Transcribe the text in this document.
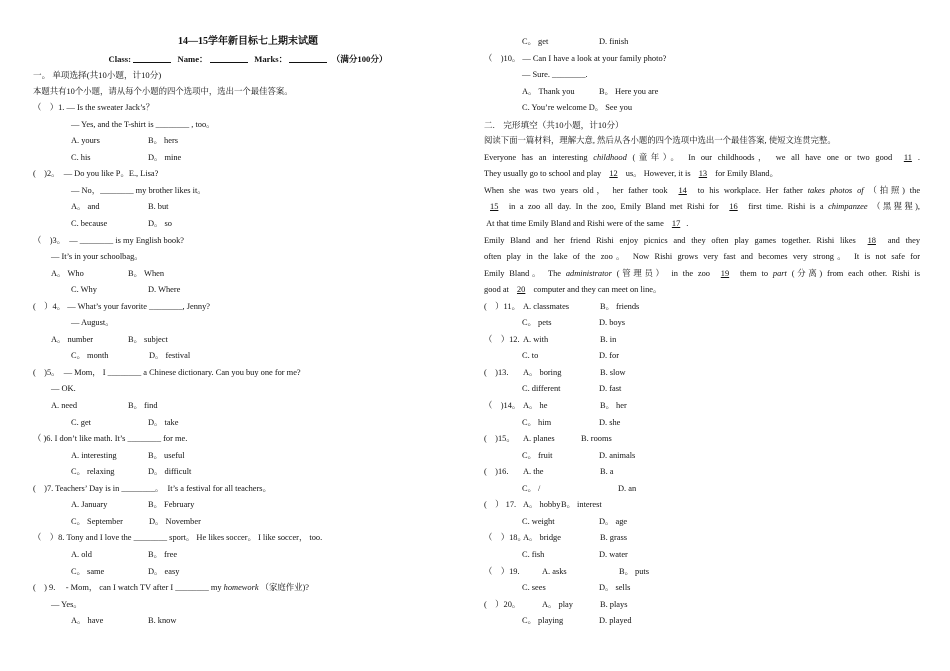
14—15学年新目标七上期末试题
Class:	Name：	Marks：	（满分100分）
一。 单项选择(共10小题，计10分)
本题共有10个小题，请从每个小题的四个选项中，选出一个最佳答案。
（　）1. — Is the sweater Jack’s？
— Yes, and the T-shirt is ________ , too。
A. yours	B。 hers
C. his	D。 mine
(　)2。　— Do you like P。E., Lisa?
— No，________ my brother likes it。
A。 and	B. but
C. because	D。 so
（　)3。　— ________ is my English book?
— It’s in your schoolbag。
A。 Who	B。 When
C. Why	D. Where
(　）4。 — What’s your favorite ________, Jenny?
— August。
A。 number	B。 subject
C。 month	D。 festival
(　)5。　— Mom， I ________ a Chinese dictionary. Can you buy one for me?
— OK.
A. need	B。 find
C. get	D。 take
（ )6. I don’t like math. It’s ________ for me.
A. interesting	B。 useful
C。 relaxing	D。 difficult
(　)7. Teachers’ Day is in ________。　It’s a festival for all teachers。
A. January	B。 February
C。 September	D。 November
（　）8. Tony and I love the ________ sport。 He likes soccer。 I like soccer， too.
A. old	B。 free
C。 same	D。 easy
(　) 9.　 - Mom， can I watch TV after I ________ my homework （家庭作业)?
— Yes。
A。 have	B. know
C。 get	D. finish
（　)10。 — Can I have a look at your family photo?
— Sure. ________.
A。 Thank you	B。 Here you are
C. You’re welcome D。 See you
二.　完形填空（共10小题，计10分）
阅读下面一篇材料，理解大意, 然后从各小题的四个选项中选出一个最佳答案, 使短文连贯完整。
Everyone has an interesting childhood (童年）。 In our childhoods， we all have one or two good 11 .
They usually go to school and play 12 us。 However, it is 13 for Emily Bland。
When she was two years old， her father took 14 to his workplace. Her father takes photos of （拍照) the
15 in a zoo all day. In the zoo, Emily Bland met Rishi for 16 first time. Rishi is a chimpanzee （黑猩猩),
At that time Emily Bland and Rishi were of the same 17 .
Emily Bland and her friend Rishi enjoy picnics and they often play games together. Rishi likes 18 and they
often play in the lake of the zoo。 Now Rishi grows very fast and becomes very strong。 It is not safe for
Emily Bland。 The administrator (管理员） in the zoo 19 them to part (分离) from each other. Rishi is
good at 20 computer and they can meet on line。
(　）11。 A. classmates	B。 friends
C。 pets	D. boys
（　）12. A. with	B. in
C. to	D. for
(　)13. A。 boring	B. slow
C. different	D. fast
（　)14。 A。 he	B。 her
C。 him	D. she
(　)15。 A. planes	B. rooms
C。 fruit	D. animals
(　)16. A. the	B. a
C。 /	D. an
(　） 17. A。 hobbyB。 interest
C. weight	D。 age
（　）18。A。 bridge	B. grass
C. fish	D. water
（　）19.	A. asks	B。 puts
C. sees	D。 sells
(　）20。	A。 play	B. plays
C。 playing	D. played
